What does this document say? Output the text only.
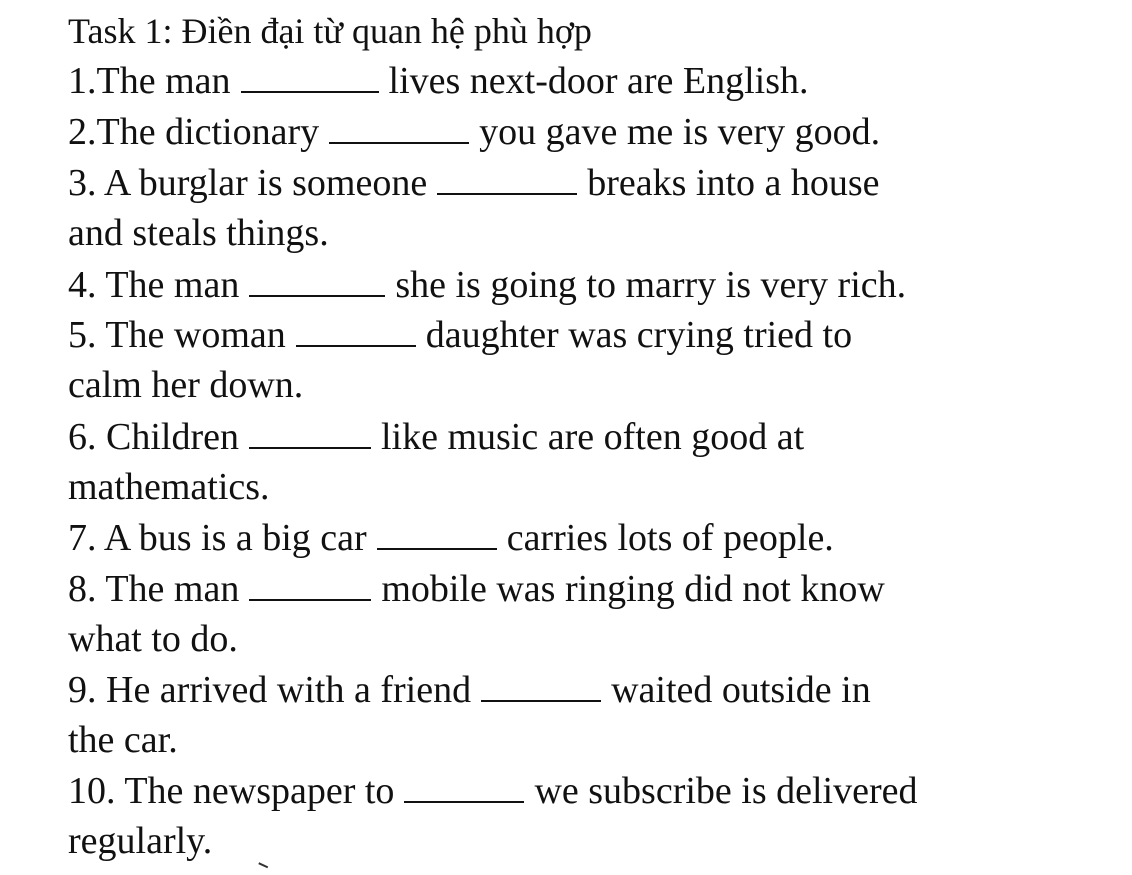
Task 1: Điền đại từ quan hệ phù hợp
1.The man	lives next-door are English.
2.The dictionary	you gave me is very good.
3. A burglar is someone	breaks into a house
and steals things.
4. The man	she is going to marry is very rich.
5. The woman	daughter was crying tried to
calm her down.
6. Children	like music are often good at
mathematics.
7. A bus is a big car	carries lots of people.
8. The man	mobile was ringing did not know
what to do.
9. He arrived with a friend	waited outside in
the car.
10. The newspaper to	we subscribe is delivered
regularly.
